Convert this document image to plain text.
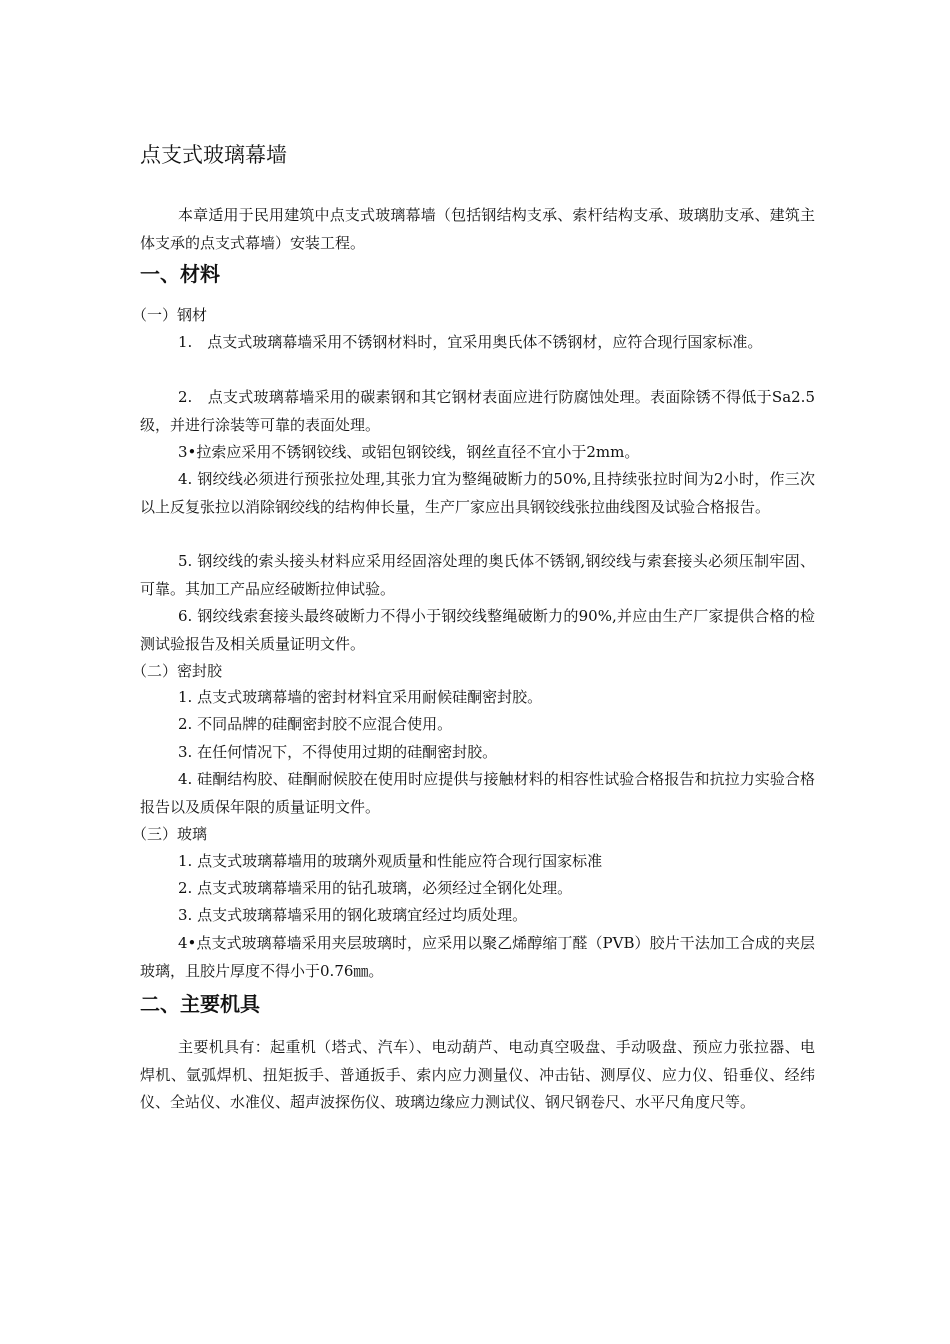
点支式玻璃幕墙

本章适用于民用建筑中点支式玻璃幕墙（包括钢结构支承、索杆结构支承、玻璃肋支承、建筑主体支承的点支式幕墙）安装工程。

一、材料

（一）钢材

1.　点支式玻璃幕墙采用不锈钢材料时，宜采用奥氏体不锈钢材，应符合现行国家标准。

2.　点支式玻璃幕墙采用的碳素钢和其它钢材表面应进行防腐蚀处理。表面除锈不得低于Sa2.5级，并进行涂装等可靠的表面处理。

3•拉索应采用不锈钢铰线、或铝包钢铰线，钢丝直径不宜小于2mm。

4. 钢绞线必须进行预张拉处理,其张力宜为整绳破断力的50%,且持续张拉时间为2小时，作三次以上反复张拉以消除钢绞线的结构伸长量，生产厂家应出具钢铰线张拉曲线图及试验合格报告。

5. 钢绞线的索头接头材料应采用经固溶处理的奥氏体不锈钢,钢绞线与索套接头必须压制牢固、可靠。其加工产品应经破断拉伸试验。

6. 钢绞线索套接头最终破断力不得小于钢绞线整绳破断力的90%,并应由生产厂家提供合格的检测试验报告及相关质量证明文件。

（二）密封胶

1. 点支式玻璃幕墙的密封材料宜采用耐候硅酮密封胶。

2. 不同品牌的硅酮密封胶不应混合使用。

3. 在任何情况下，不得使用过期的硅酮密封胶。

4. 硅酮结构胶、硅酮耐候胶在使用时应提供与接触材料的相容性试验合格报告和抗拉力实验合格报告以及质保年限的质量证明文件。

（三）玻璃

1. 点支式玻璃幕墙用的玻璃外观质量和性能应符合现行国家标准

2. 点支式玻璃幕墙采用的钻孔玻璃，必须经过全钢化处理。

3. 点支式玻璃幕墙采用的钢化玻璃宜经过均质处理。

4•点支式玻璃幕墙采用夹层玻璃时，应采用以聚乙烯醇缩丁醛（PVB）胶片干法加工合成的夹层玻璃，且胶片厚度不得小于0.76㎜。

二、主要机具

主要机具有：起重机（塔式、汽车）、电动葫芦、电动真空吸盘、手动吸盘、预应力张拉器、电焊机、氩弧焊机、扭矩扳手、普通扳手、索内应力测量仪、冲击钻、测厚仪、应力仪、铅垂仪、经纬仪、全站仪、水准仪、超声波探伤仪、玻璃边缘应力测试仪、钢尺钢卷尺、水平尺角度尺等。
